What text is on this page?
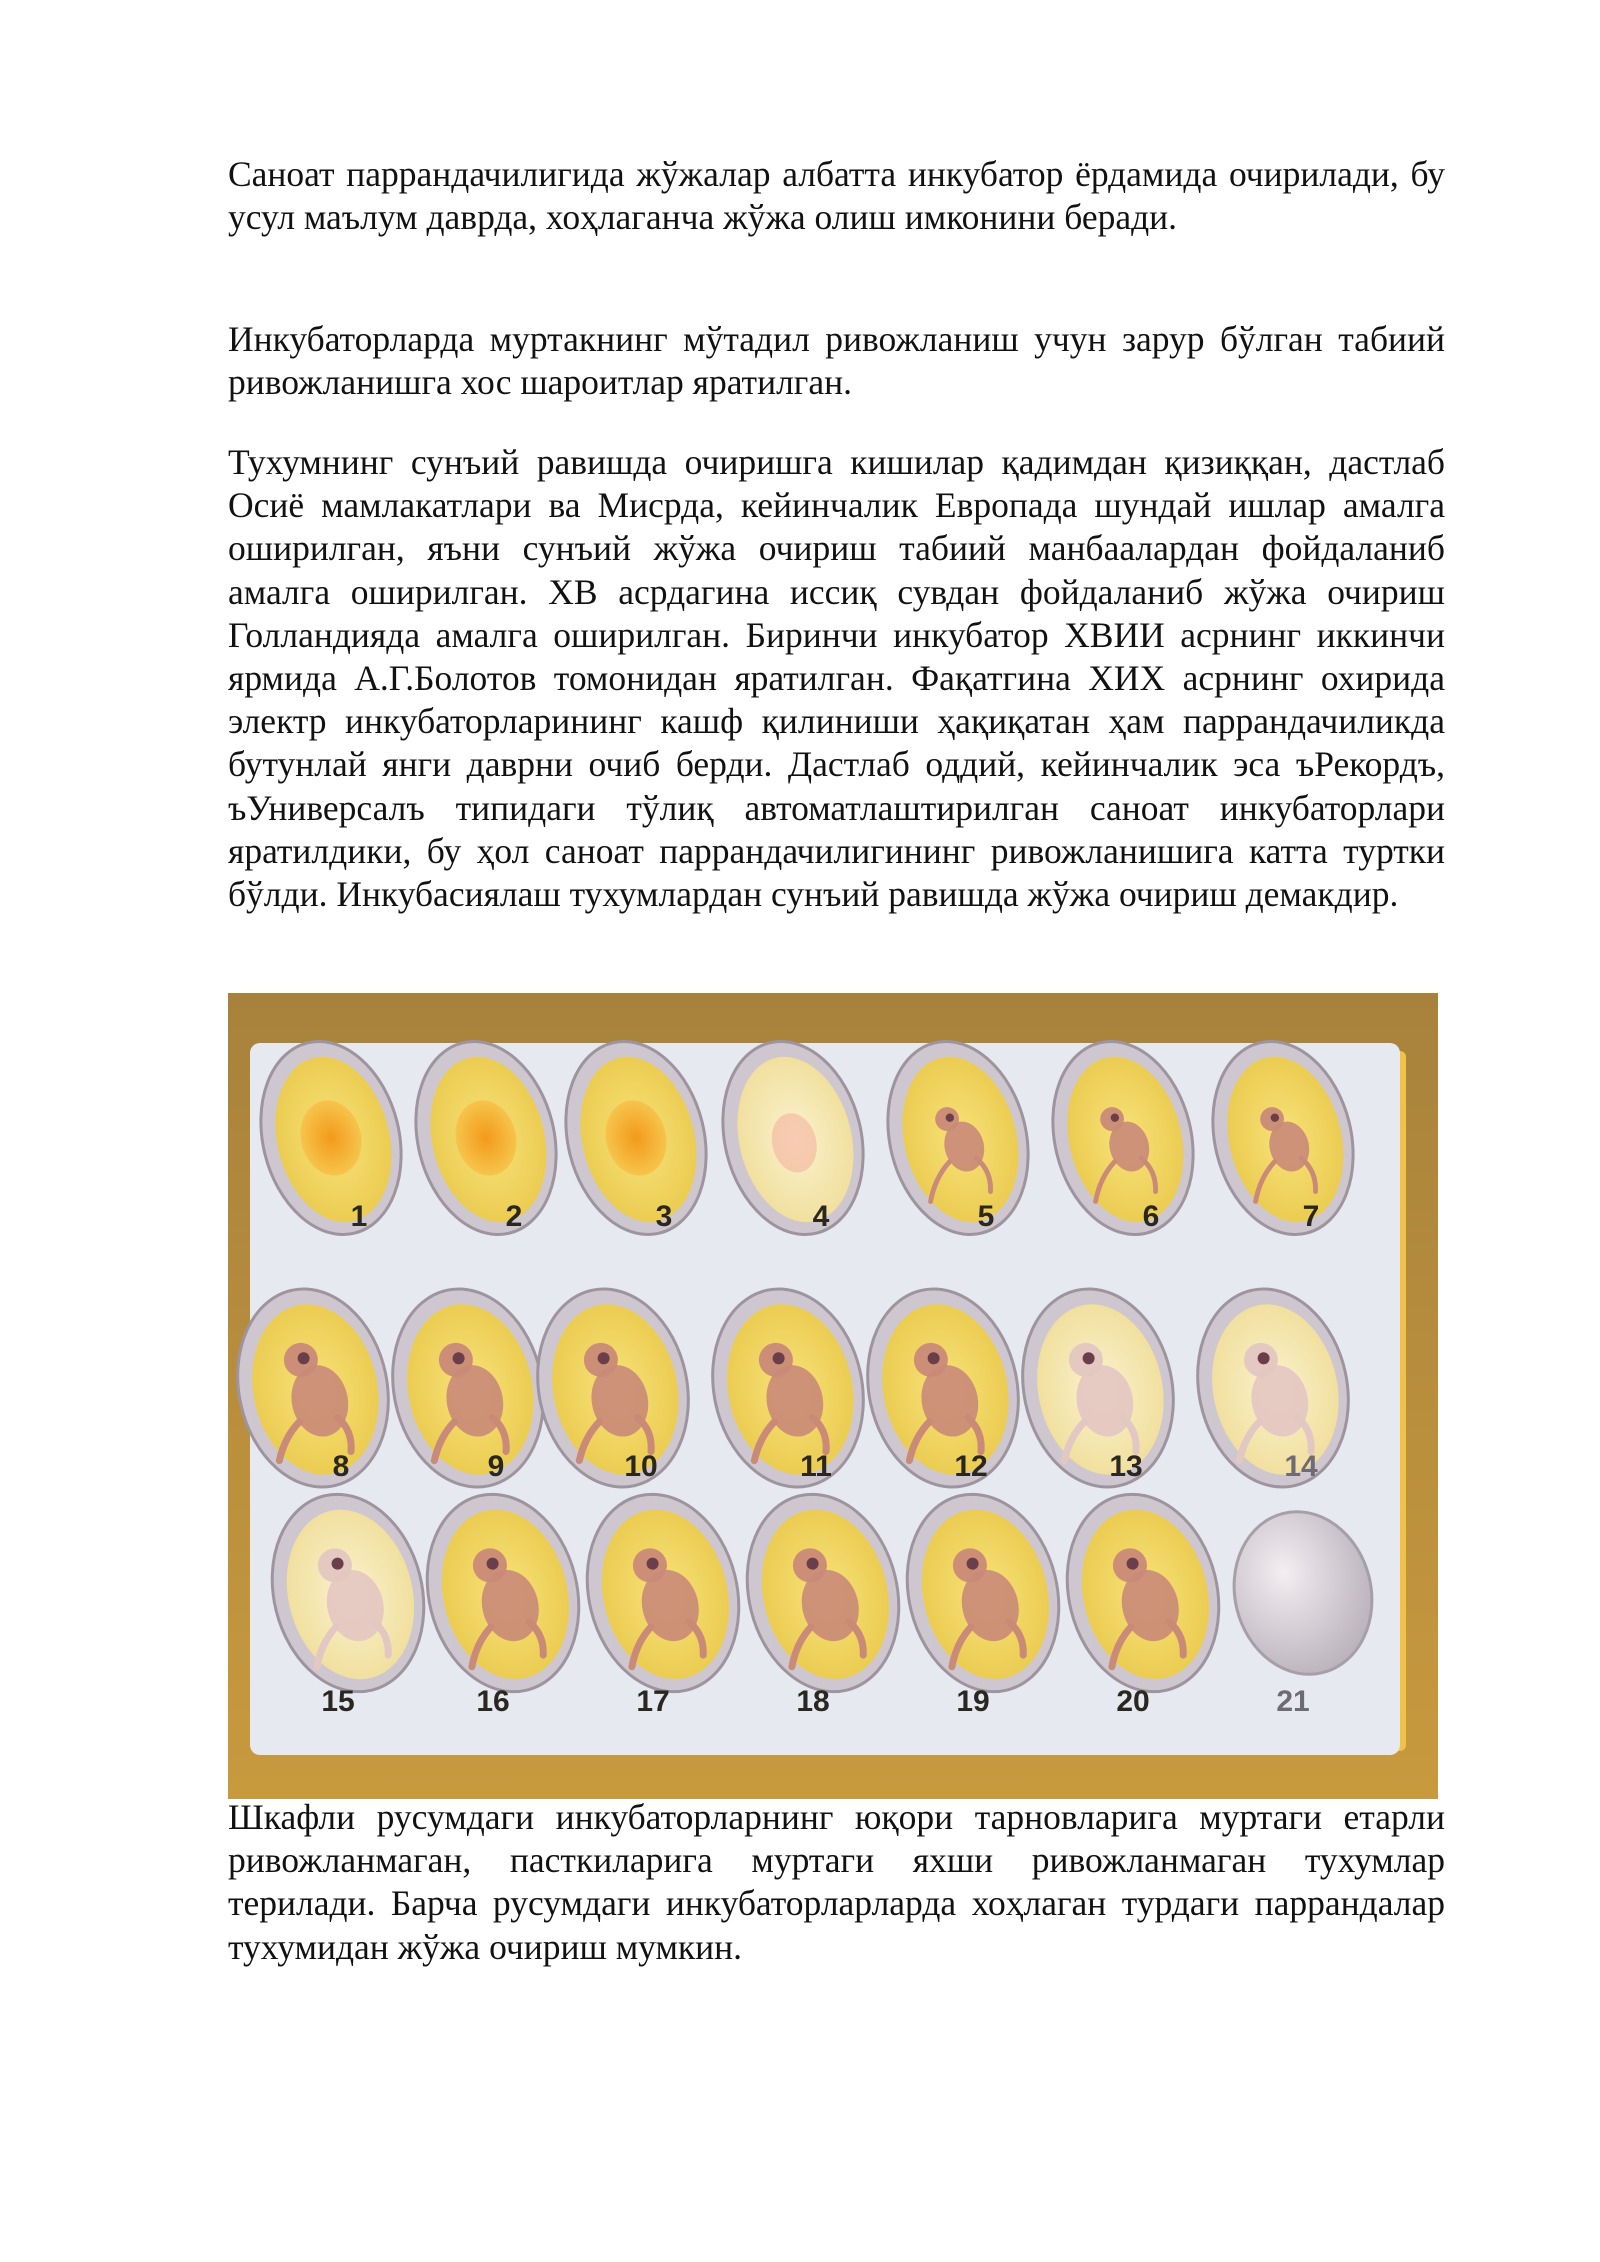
Саноат паррандачилигида жўжалар албатта инкубатор ёрдамида очирилади, бу усул маълум даврда, хоҳлаганча жўжа олиш имконини беради.

Инкубаторларда муртакнинг мўтадил ривожланиш учун зарур бўлган табиий ривожланишга хос шароитлар яратилган.

Тухумнинг сунъий равишда очиришга кишилар қадимдан қизиққан, дастлаб Осиё мамлакатлари ва Мисрда, кейинчалик Европада шундай ишлар амалга оширилган, яъни сунъий жўжа очириш табиий манбаалардан фойдаланиб амалга оширилган. XВ асрдагина иссиқ сувдан фойдаланиб жўжа очириш Голландияда амалга оширилган. Биринчи инкубатор ХВИИ асрнинг иккинчи ярмида А.Г.Болотов томонидан яратилган. Фақатгина ХИХ асрнинг охирида электр инкубаторларининг кашф қилиниши ҳақиқатан ҳам паррандачиликда бутунлай янги даврни очиб берди. Дастлаб оддий, кейинчалик эса ъРекордъ, ъУниверсалъ типидаги тўлиқ автоматлаштирилган саноат инкубаторлари яратилдики, бу ҳол саноат паррандачилигининг ривожланишига катта туртки бўлди. Инкубасиялаш тухумлардан сунъий равишда жўжа очириш демакдир.

1	2	3	4	5	6	7
8	9	10	11	12	13	14
15	16	17	18	19	20	21

Шкафли русумдаги инкубаторларнинг юқори тарновларига муртаги етарли ривожланмаган, пасткиларига муртаги яхши ривожланмаган тухумлар терилади. Барча русумдаги инкубаторларларда хоҳлаган турдаги паррандалар тухумидан жўжа очириш мумкин.
